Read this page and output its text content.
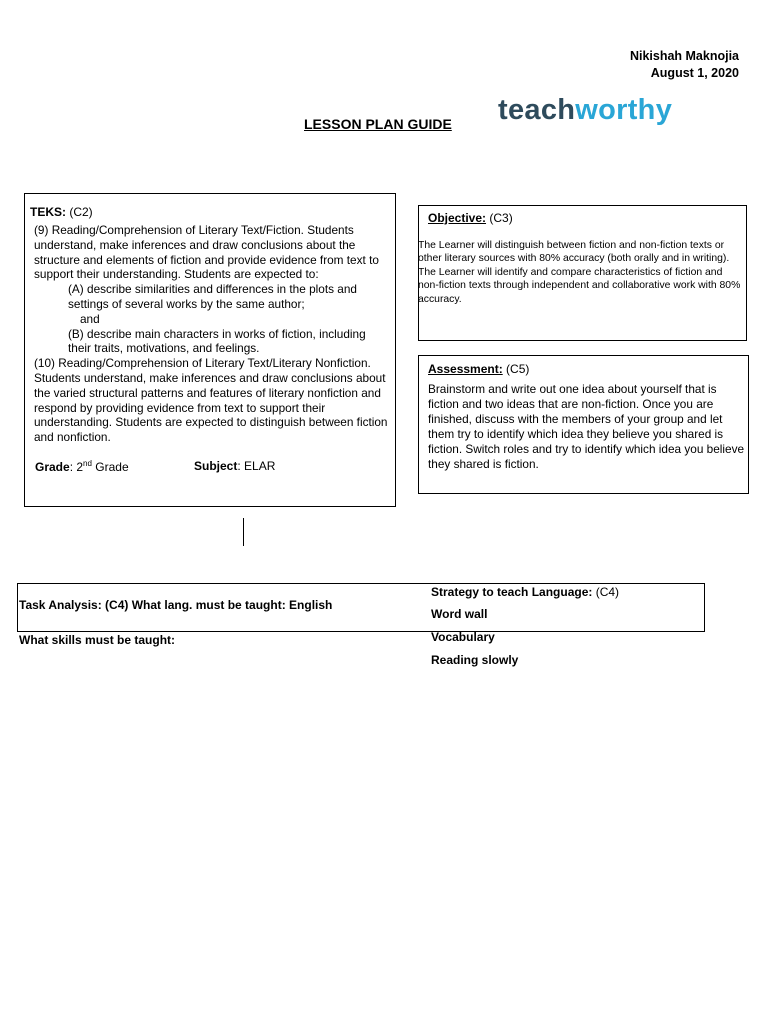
Nikishah Maknojia
August 1, 2020
teachworthy
LESSON PLAN GUIDE
TEKS: (C2)

(9) Reading/Comprehension of Literary Text/Fiction. Students understand, make inferences and draw conclusions about the structure and elements of fiction and provide evidence from text to support their understanding. Students are expected to:

(A) describe similarities and differences in the plots and settings of several works by the same author;

and

(B) describe main characters in works of fiction, including their traits, motivations, and feelings.

(10) Reading/Comprehension of Literary Text/Literary Nonfiction. Students understand, make inferences and draw conclusions about the varied structural patterns and features of literary nonfiction and respond by providing evidence from text to support their understanding. Students are expected to distinguish between fiction and nonfiction.

Grade: 2nd Grade	Subject: ELAR
Objective: (C3)

The Learner will distinguish between fiction and non-fiction texts or other literary sources with 80% accuracy (both orally and in writing).

The Learner will identify and compare characteristics of fiction and non-fiction texts through independent and collaborative work with 80% accuracy.

Assessment: (C5)
Brainstorm and write out one idea about yourself that is fiction and two ideas that are non-fiction. Once you are finished, discuss with the members of your group and let them try to identify which idea they believe you shared is fiction. Switch roles and try to identify which idea you believe they shared is fiction.
Task Analysis: (C4) What lang. must be taught: English
What skills must be taught:
Strategy to teach Language: (C4)
Word wall
Vocabulary
Reading slowly
